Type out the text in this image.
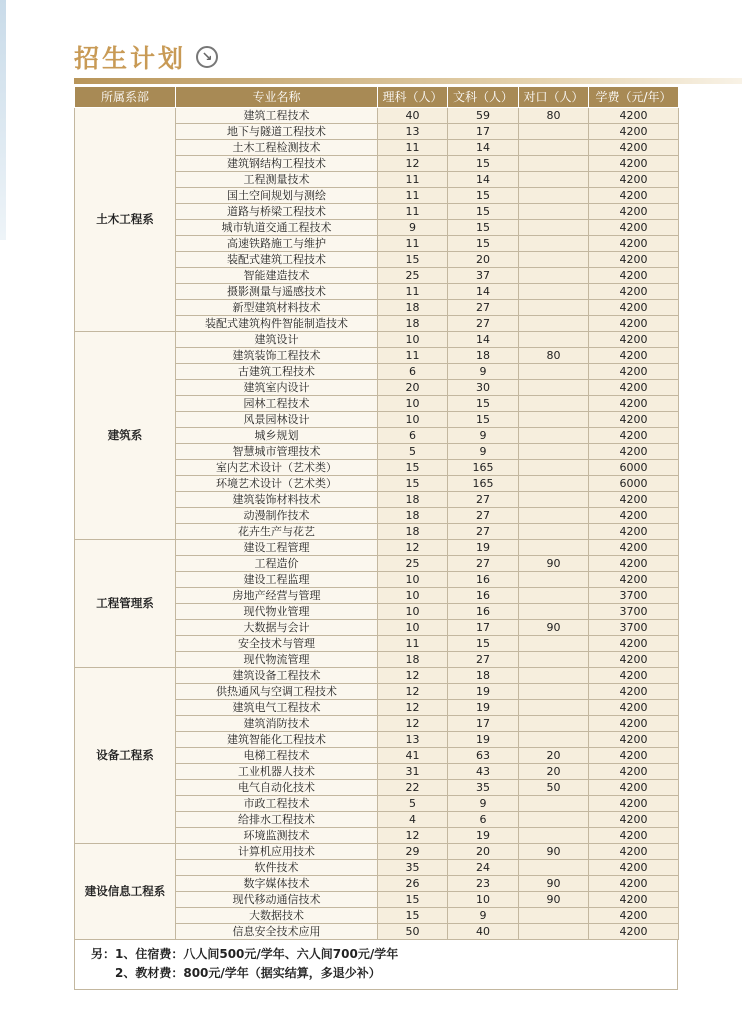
招生计划	↘
所属系部	专业名称	理科（人）	文科（人）	对口（人）	学费（元/年）
土木工程系	建筑工程技术	40	59	80	4200
	地下与隧道工程技术	13	17		4200
	土木工程检测技术	11	14		4200
	建筑钢结构工程技术	12	15		4200
	工程测量技术	11	14		4200
	国土空间规划与测绘	11	15		4200
	道路与桥梁工程技术	11	15		4200
	城市轨道交通工程技术	9	15		4200
	高速铁路施工与维护	11	15		4200
	装配式建筑工程技术	15	20		4200
	智能建造技术	25	37		4200
	摄影测量与遥感技术	11	14		4200
	新型建筑材料技术	18	27		4200
	装配式建筑构件智能制造技术	18	27		4200
建筑系	建筑设计	10	14		4200
	建筑装饰工程技术	11	18	80	4200
	古建筑工程技术	6	9		4200
	建筑室内设计	20	30		4200
	园林工程技术	10	15		4200
	风景园林设计	10	15		4200
	城乡规划	6	9		4200
	智慧城市管理技术	5	9		4200
	室内艺术设计（艺术类）	15	165		6000
	环境艺术设计（艺术类）	15	165		6000
	建筑装饰材料技术	18	27		4200
	动漫制作技术	18	27		4200
	花卉生产与花艺	18	27		4200
工程管理系	建设工程管理	12	19		4200
	工程造价	25	27	90	4200
	建设工程监理	10	16		4200
	房地产经营与管理	10	16		3700
	现代物业管理	10	16		3700
	大数据与会计	10	17	90	3700
	安全技术与管理	11	15		4200
	现代物流管理	18	27		4200
设备工程系	建筑设备工程技术	12	18		4200
	供热通风与空调工程技术	12	19		4200
	建筑电气工程技术	12	19		4200
	建筑消防技术	12	17		4200
	建筑智能化工程技术	13	19		4200
	电梯工程技术	41	63	20	4200
	工业机器人技术	31	43	20	4200
	电气自动化技术	22	35	50	4200
	市政工程技术	5	9		4200
	给排水工程技术	4	6		4200
	环境监测技术	12	19		4200
建设信息工程系	计算机应用技术	29	20	90	4200
	软件技术	35	24		4200
	数字媒体技术	26	23	90	4200
	现代移动通信技术	15	10	90	4200
	大数据技术	15	9		4200
	信息安全技术应用	50	40		4200
另：1、住宿费：八人间500元/学年、六人间700元/学年
2、教材费：800元/学年（据实结算，多退少补）
